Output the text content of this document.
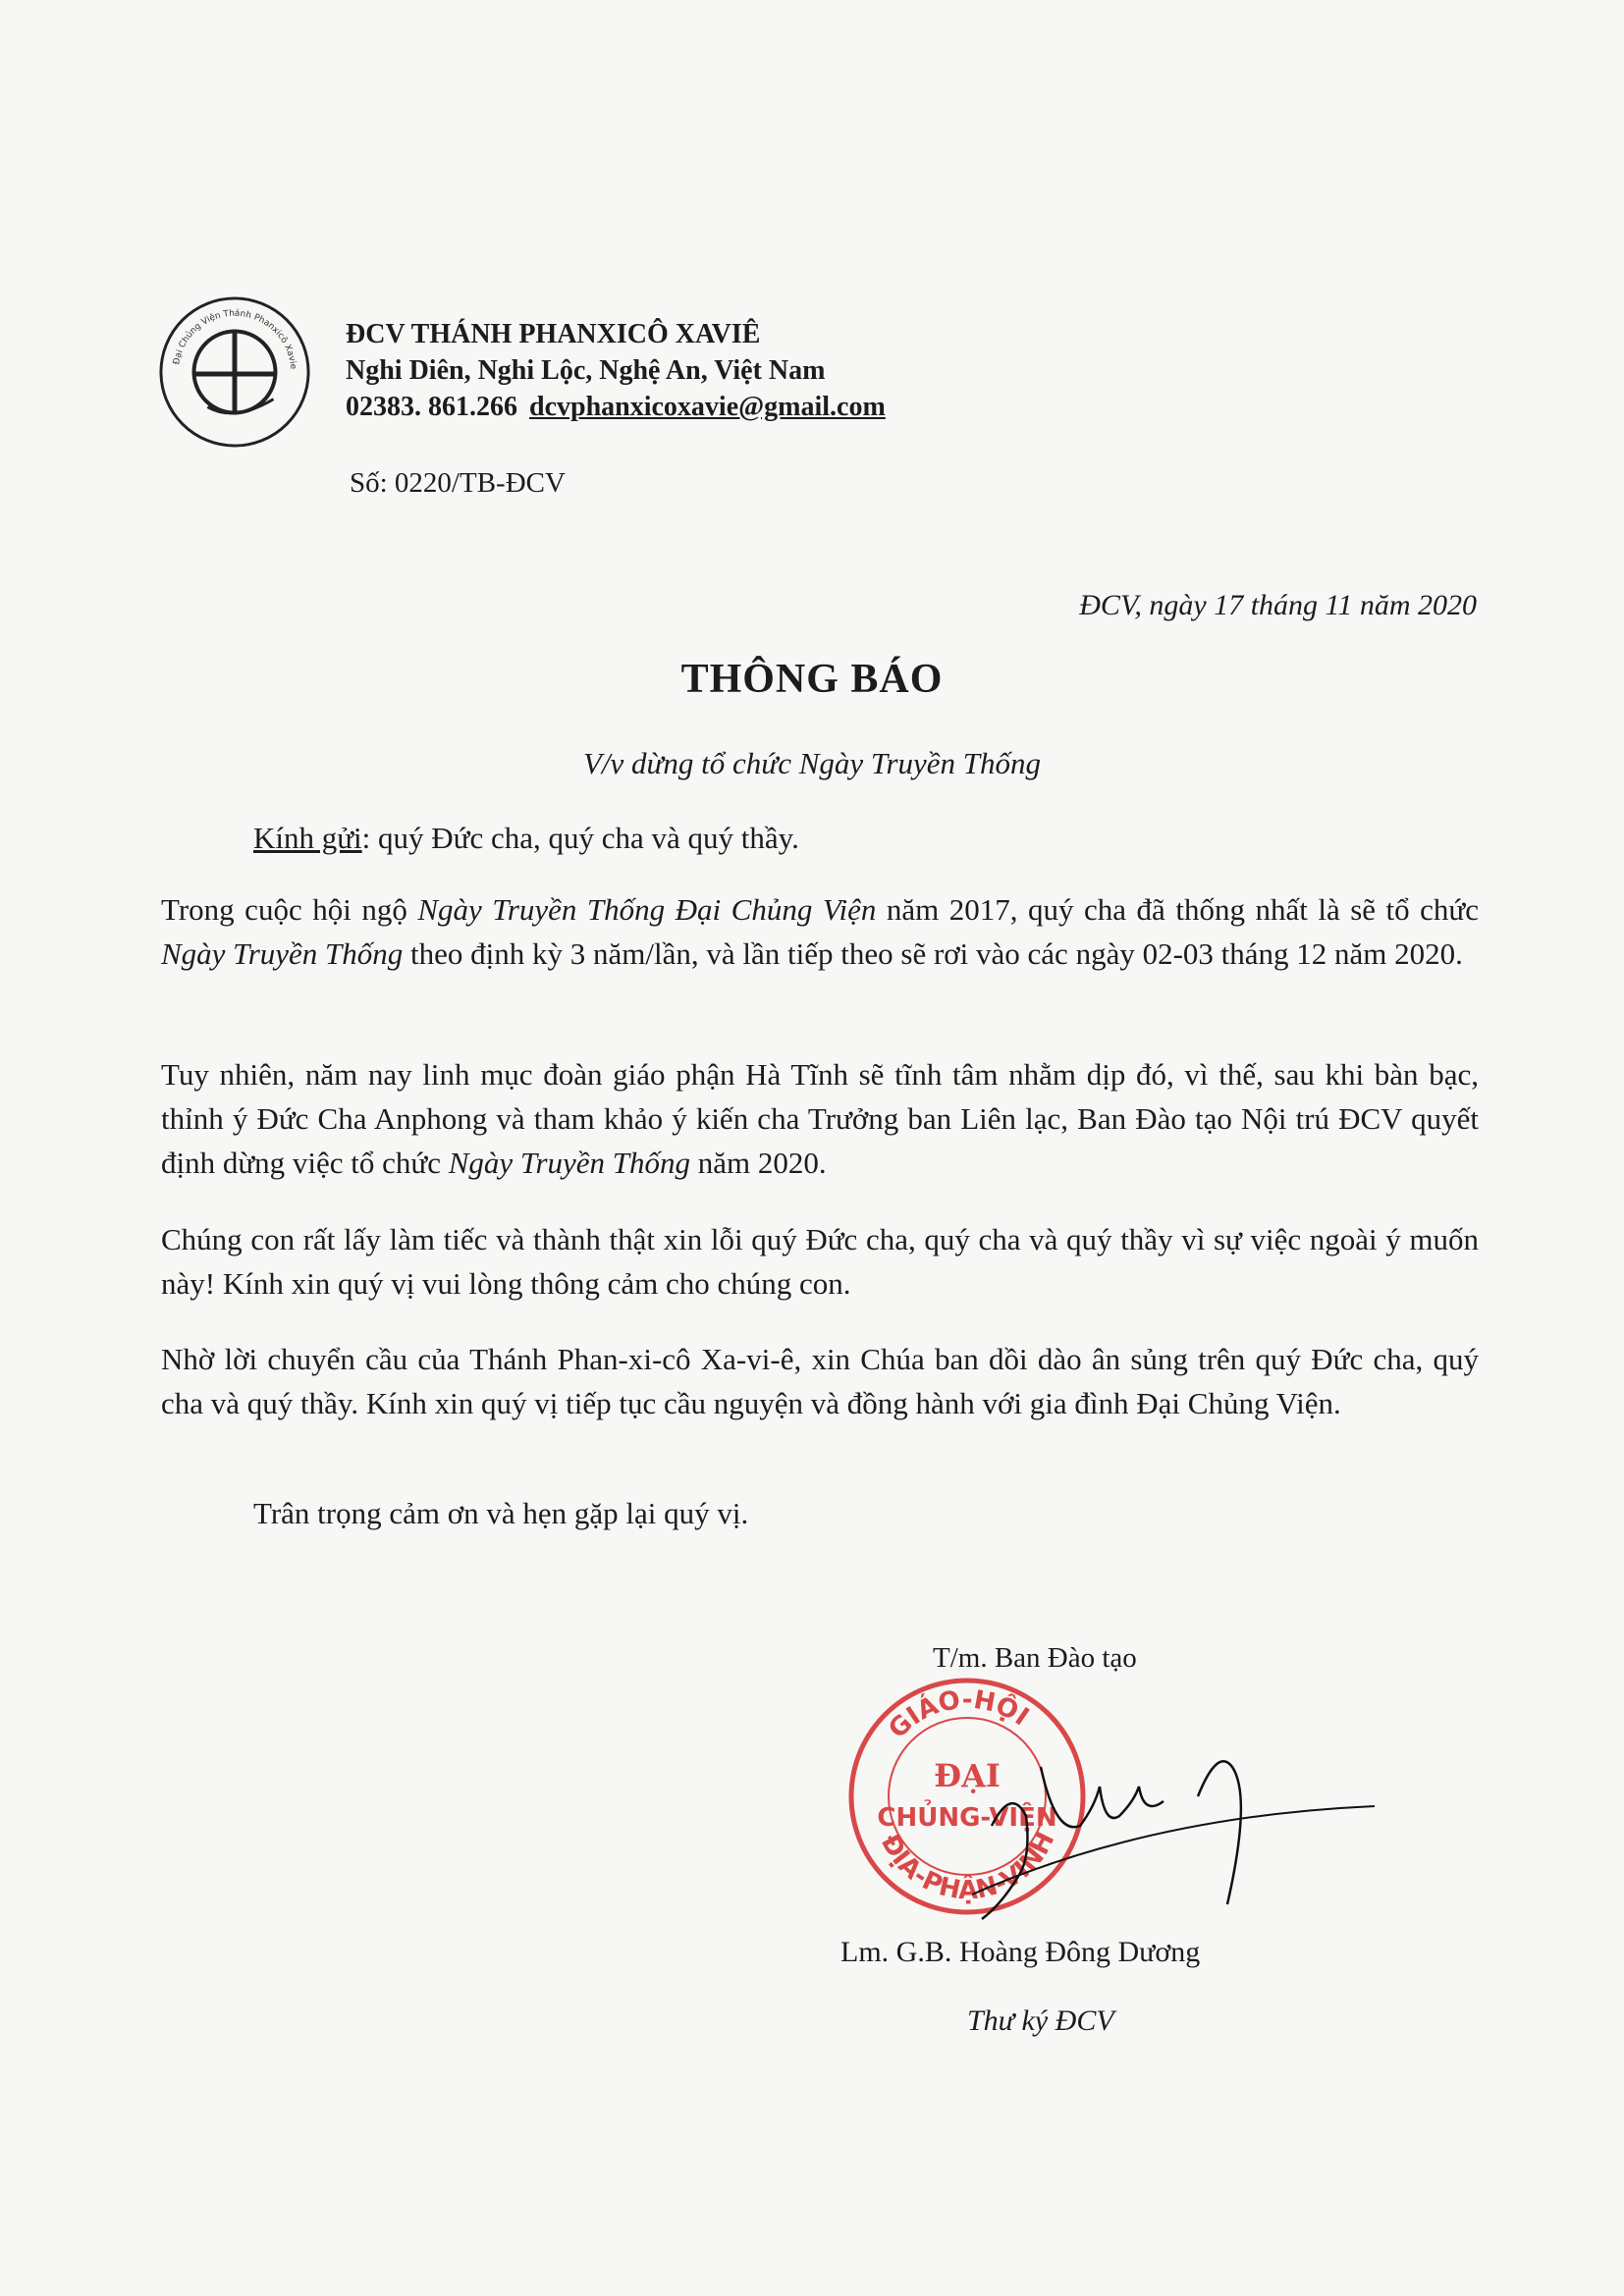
Đại Chủng Viện Thánh Phanxicô Xavie
ĐCV THÁNH PHANXICÔ XAVIÊ
Nghi Diên, Nghi Lộc, Nghệ An, Việt Nam
02383. 861.266 dcvphanxicoxavie@gmail.com
Số: 0220/TB-ĐCV
ĐCV, ngày 17 tháng 11 năm 2020
THÔNG BÁO
V/v dừng tổ chức Ngày Truyền Thống
Kính gửi: quý Đức cha, quý cha và quý thầy.
Trong cuộc hội ngộ Ngày Truyền Thống Đại Chủng Viện năm 2017, quý cha đã thống nhất là sẽ tổ chức Ngày Truyền Thống theo định kỳ 3 năm/lần, và lần tiếp theo sẽ rơi vào các ngày 02-03 tháng 12 năm 2020.
Tuy nhiên, năm nay linh mục đoàn giáo phận Hà Tĩnh sẽ tĩnh tâm nhằm dịp đó, vì thế, sau khi bàn bạc, thỉnh ý Đức Cha Anphong và tham khảo ý kiến cha Trưởng ban Liên lạc, Ban Đào tạo Nội trú ĐCV quyết định dừng việc tổ chức Ngày Truyền Thống năm 2020.
Chúng con rất lấy làm tiếc và thành thật xin lỗi quý Đức cha, quý cha và quý thầy vì sự việc ngoài ý muốn này! Kính xin quý vị vui lòng thông cảm cho chúng con.
Nhờ lời chuyển cầu của Thánh Phan-xi-cô Xa-vi-ê, xin Chúa ban dồi dào ân sủng trên quý Đức cha, quý cha và quý thầy. Kính xin quý vị tiếp tục cầu nguyện và đồng hành với gia đình Đại Chủng Viện.
Trân trọng cảm ơn và hẹn gặp lại quý vị.
T/m. Ban Đào tạo
GIÁO-HỘI
ĐỊA-PHẬN-VINH
ĐẠI
CHỦNG-VIỆN
Lm. G.B. Hoàng Đông Dương
Thư ký ĐCV
